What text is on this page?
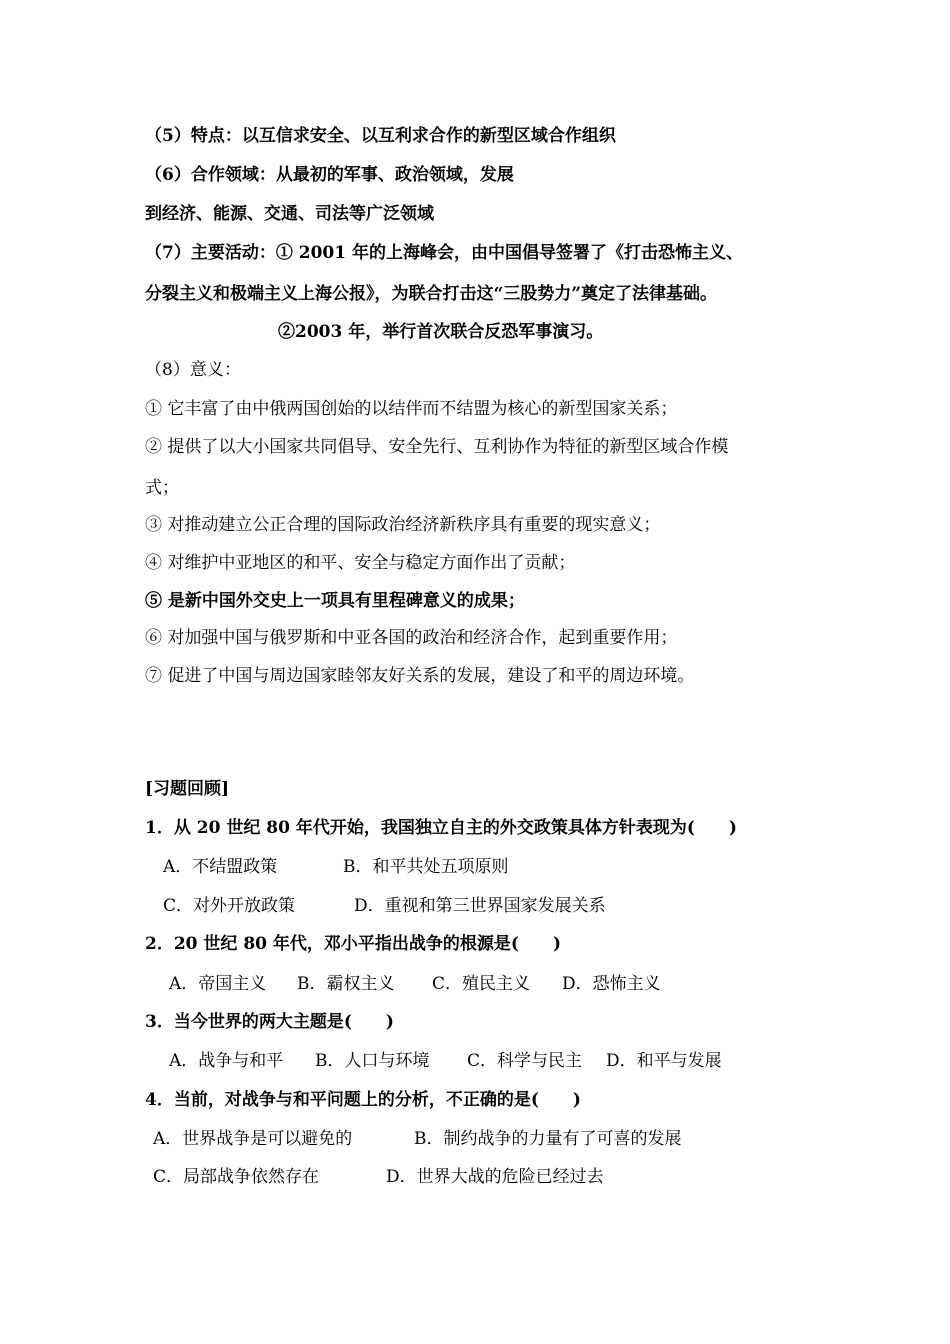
（5）特点：以互信求安全、以互利求合作的新型区域合作组织
（6）合作领域：从最初的军事、政治领域，发展
到经济、能源、交通、司法等广泛领域
（7）主要活动：① 2001 年的上海峰会，由中国倡导签署了《打击恐怖主义、
分裂主义和极端主义上海公报》，为联合打击这“三股势力”奠定了法律基础。
②2003 年，举行首次联合反恐军事演习。
（8）意义：
① 它丰富了由中俄两国创始的以结伴而不结盟为核心的新型国家关系；
② 提供了以大小国家共同倡导、安全先行、互利协作为特征的新型区域合作模
式；
③ 对推动建立公正合理的国际政治经济新秩序具有重要的现实意义；
④ 对维护中亚地区的和平、安全与稳定方面作出了贡献；
⑤ 是新中国外交史上一项具有里程碑意义的成果；
⑥ 对加强中国与俄罗斯和中亚各国的政治和经济合作，起到重要作用；
⑦ 促进了中国与周边国家睦邻友好关系的发展，建设了和平的周边环境。
[习题回顾]
1．从 20 世纪 80 年代开始，我国独立自主的外交政策具体方针表现为(　　)
A．不结盟政策	B．和平共处五项原则
C．对外开放政策	D．重视和第三世界国家发展关系
2．20 世纪 80 年代，邓小平指出战争的根源是(　　)
A．帝国主义 B．霸权主义 C．殖民主义 D．恐怖主义
3．当今世界的两大主题是(　　)
A．战争与和平 B．人口与环境 C．科学与民主 D．和平与发展
4．当前，对战争与和平问题上的分析，不正确的是(　　)
A．世界战争是可以避免的	B．制约战争的力量有了可喜的发展
C．局部战争依然存在	D．世界大战的危险已经过去
